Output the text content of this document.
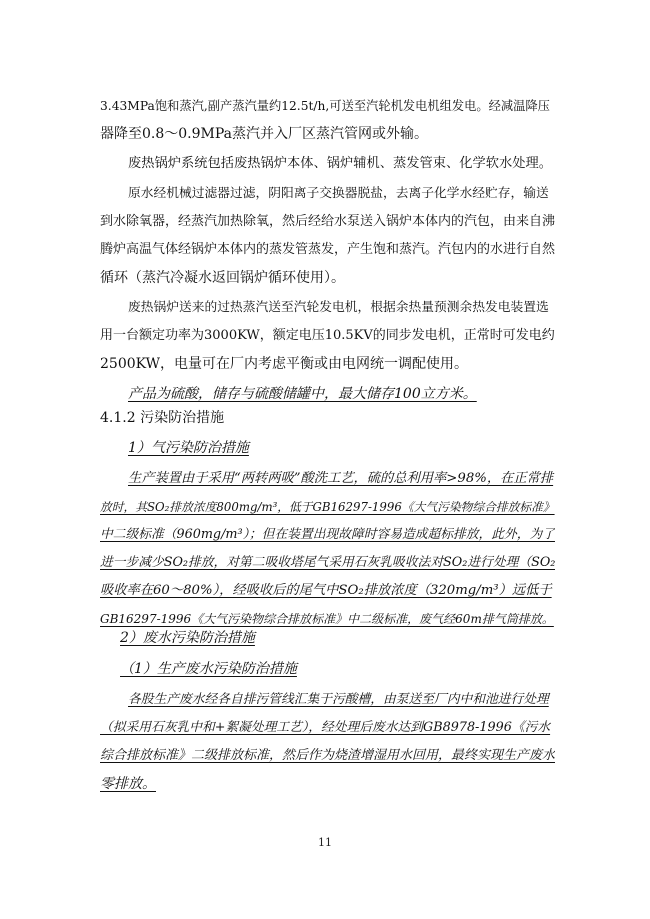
3.43MPa饱和蒸汽,副产蒸汽量约12.5t/h,可送至汽轮机发电机组发电。经减温降压
器降至0.8～0.9MPa蒸汽并入厂区蒸汽管网或外输。
废热锅炉系统包括废热锅炉本体、锅炉辅机、蒸发管束、化学软水处理。
原水经机械过滤器过滤，阴阳离子交换器脱盐，去离子化学水经贮存，输送
到水除氧器，经蒸汽加热除氧，然后经给水泵送入锅炉本体内的汽包，由来自沸
腾炉高温气体经锅炉本体内的蒸发管蒸发，产生饱和蒸汽。汽包内的水进行自然
循环（蒸汽冷凝水返回锅炉循环使用）。
废热锅炉送来的过热蒸汽送至汽轮发电机，根据余热量预测余热发电装置选
用一台额定功率为3000KW，额定电压10.5KV的同步发电机，正常时可发电约
2500KW，电量可在厂内考虑平衡或由电网统一调配使用。
产品为硫酸，储存与硫酸储罐中，最大储存100立方米。
4.1.2 污染防治措施
1）气污染防治措施
生产装置由于采用“两转两吸”酸洗工艺，硫的总利用率>98%，在正常排
放时，其SO₂排放浓度800mg/m³，低于GB16297-1996《大气污染物综合排放标准》
中二级标准（960mg/m³）；但在装置出现故障时容易造成超标排放，此外，为了
进一步减少SO₂排放，对第二吸收塔尾气采用石灰乳吸收法对SO₂进行处理（SO₂
吸收率在60～80%），经吸收后的尾气中SO₂排放浓度（320mg/m³）远低于
GB16297-1996《大气污染物综合排放标准》中二级标准，废气经60m排气筒排放。
2）废水污染防治措施
（1）生产废水污染防治措施
各股生产废水经各自排污管线汇集于污酸槽，由泵送至厂内中和池进行处理
（拟采用石灰乳中和+絮凝处理工艺），经处理后废水达到GB8978-1996《污水
综合排放标准》二级排放标准，然后作为烧渣增湿用水回用，最终实现生产废水
零排放。
11
